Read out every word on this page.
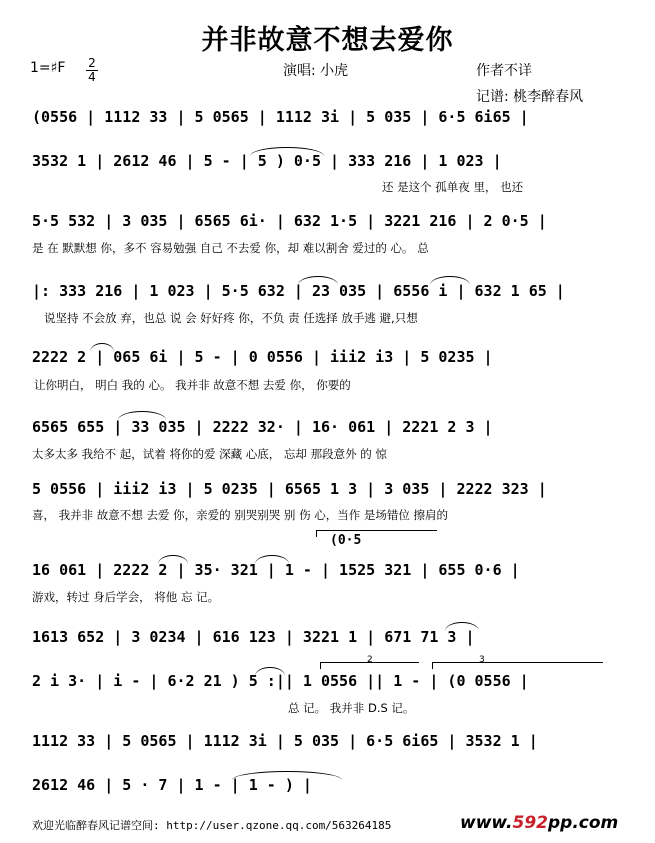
并非故意不想去爱你
1=♯F 2
4	演唱: 小虎	作者不详
记谱: 桃李醉春风
(0556 | 1112 33 | 5 0565 | 1112 3i | 5 035 | 6·5 6i65 |
3532 1 | 2612 46 | 5 - | 5 ) 0·5 | 333 216 | 1 023 |
还 是这个 孤单夜 里， 也还
5·5 532 | 3 035 | 6565 6i· | 632 1·5 | 3221 216 | 2 0·5 |
是 在 默默想 你，多不 容易勉强 自己 不去爱 你，却 难以割舍 爱过的 心。 总
|: 333 216 | 1 023 | 5·5 632 | 23 035 | 6556 i | 632 1 65 |
说坚持 不会放 弃，也总 说 会 好好疼 你，不负 责 任选择 放手逃 避,只想
2222 2 | 065 6i | 5 - | 0 0556 | iii2 i3 | 5 0235 |
让你明白， 明白 我的 心。 我并非 故意不想 去爱 你， 你要的
6565 655 | 33 035 | 2222 32· | 16· 061 | 2221 2 3 |
太多太多 我给不 起，试着 将你的爱 深藏 心底， 忘却 那段意外 的 惊
5 0556 | iii2 i3 | 5 0235 | 6565 1 3 | 3 035 | 2222 323 |
喜， 我并非 故意不想 去爱 你，亲爱的 别哭别哭 别 伤 心，当作 是场错位 擦肩的
(0·5
16 061 | 2222 2 | 35· 321 | 1 - | 1525 321 | 655 0·6 |
游戏，转过 身后学会， 将他 忘 记。
1613 652 | 3 0234 | 616 123 | 3221 1 | 671 71 3 |
2	3
2 i 3· | i - | 6·2 21 ) 5 :|| 1 0556 || 1 - | (0 0556 |
总 记。 我并非 D.S 记。
1112 33 | 5 0565 | 1112 3i | 5 035 | 6·5 6i65 | 3532 1 |
2612 46 | 5 · 7 | 1 - | 1 - ) |
欢迎光临醉春风记谱空间: http://user.qzone.qq.com/563264185	www.592pp.com
